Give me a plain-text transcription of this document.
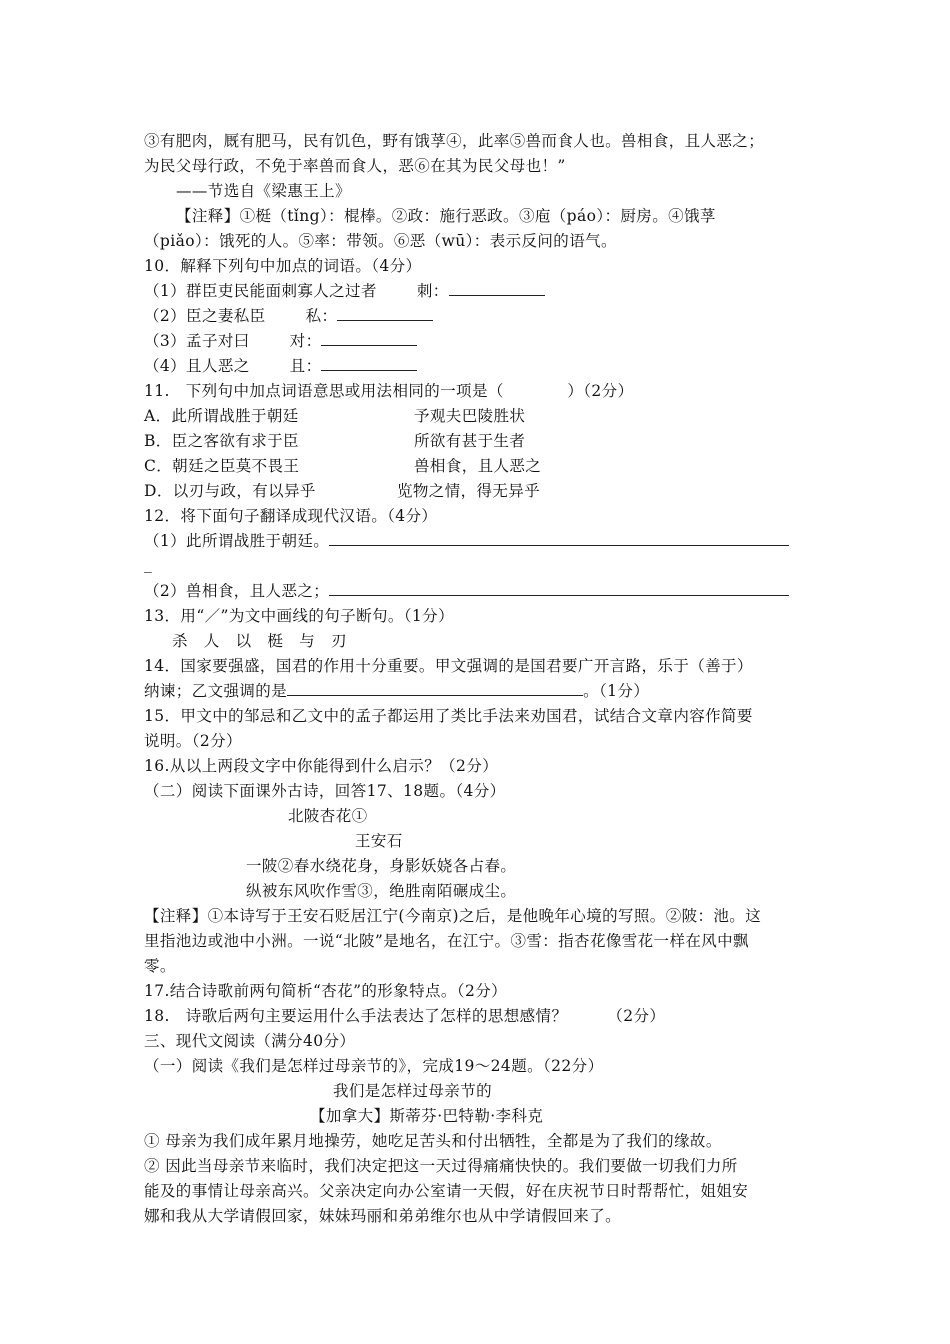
③有肥肉，厩有肥马，民有饥色，野有饿莩④，此率⑤兽而食人也。兽相食，且人恶之；
为民父母行政，不免于率兽而食人，恶⑥在其为民父母也！”
——节选自《梁惠王上》
【注释】①梃（tǐng）：棍棒。②政：施行恶政。③庖（páo）：厨房。④饿莩
（piǎo）：饿死的人。⑤率：带领。⑥恶（wū）：表示反问的语气。
10．解释下列句中加点的词语。（4分）
（1）群臣吏民能面刺寡人之过者	刺：
（2）臣之妻私臣	私：
（3）孟子对曰	对：
（4）且人恶之	且：
11.　下列句中加点词语意思或用法相同的一项是（　　　　）（2分）
A．此所谓战胜于朝廷	予观夫巴陵胜状
B．臣之客欲有求于臣	所欲有甚于生者
C．朝廷之臣莫不畏王	兽相食，且人恶之
D．以刃与政，有以异乎	览物之情，得无异乎
12．将下面句子翻译成现代汉语。（4分）
（1）此所谓战胜于朝廷。
_
（2）兽相食，且人恶之；
13．用“／”为文中画线的句子断句。（1分）
杀　人　以　梃　与　刃
14．国家要强盛，国君的作用十分重要。甲文强调的是国君要广开言路，乐于（善于）
纳谏；乙文强调的是	。（1分）
15．甲文中的邹忌和乙文中的孟子都运用了类比手法来劝国君，试结合文章内容作简要
说明。（2分）
16.从以上两段文字中你能得到什么启示？（2分）
（二）阅读下面课外古诗，回答17、18题。（4分）
北陂杏花①
王安石
一陂②春水绕花身，身影妖娆各占春。
纵被东风吹作雪③，绝胜南陌碾成尘。
【注释】①本诗写于王安石贬居江宁(今南京)之后，是他晚年心境的写照。②陂：池。这
里指池边或池中小洲。一说“北陂”是地名，在江宁。③雪：指杏花像雪花一样在风中飘
零。
17.结合诗歌前两句简析“杏花”的形象特点。（2分）
18.　诗歌后两句主要运用什么手法表达了怎样的思想感情？　　　（2分）
三、现代文阅读（满分40分）
（一）阅读《我们是怎样过母亲节的》，完成19～24题。（22分）
我们是怎样过母亲节的
【加拿大】斯蒂芬·巴特勒·李科克
① 母亲为我们成年累月地操劳，她吃足苦头和付出牺牲，全都是为了我们的缘故。
② 因此当母亲节来临时，我们决定把这一天过得痛痛快快的。我们要做一切我们力所
能及的事情让母亲高兴。父亲决定向办公室请一天假，好在庆祝节日时帮帮忙，姐姐安
娜和我从大学请假回家，妹妹玛丽和弟弟维尔也从中学请假回来了。
